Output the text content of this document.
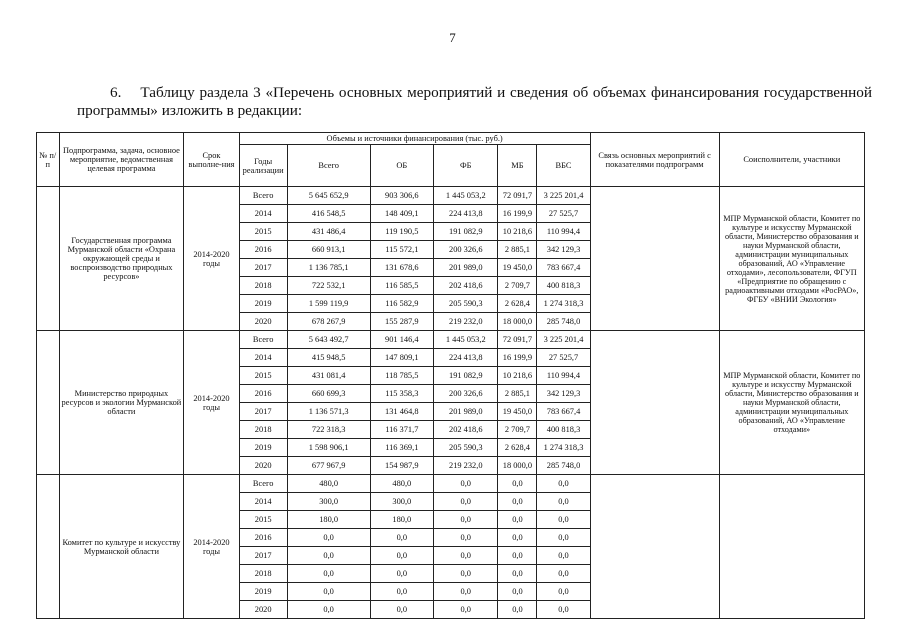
7
6.    Таблицу раздела 3 «Перечень основных мероприятий и сведения об объемах финансирования государственной
программы» изложить в редакции:
№ п/п	Подпрограмма, задача, основное мероприятие, ведомственная целевая программа	Срок выполне-ния	Объемы и источники финансирования (тыс. руб.)						Связь основных мероприятий с показателями подпрограмм	Соисполнители, участники
			Годы реализации	Всего	ОБ	ФБ	МБ	ВБС		
	Государственная программа Мурманской области «Охрана окружающей среды и воспроизводство природных ресурсов»	2014-2020 годы	Всего	5 645 652,9	903 306,6	1 445 053,2	72 091,7	3 225 201,4		МПР Мурманской области, Комитет по культуре и искусству Мурманской области, Министерство образования и науки Мурманской области, администрации муниципальных образований, АО «Управление отходами», лесопользователи, ФГУП «Предприятие по обращению с радиоактивными отходами «РосРАО», ФГБУ «ВНИИ Экология»
			2014	416 548,5	148 409,1	224 413,8	16 199,9	27 525,7		
			2015	431 486,4	119 190,5	191 082,9	10 218,6	110 994,4		
			2016	660 913,1	115 572,1	200 326,6	2 885,1	342 129,3		
			2017	1 136 785,1	131 678,6	201 989,0	19 450,0	783 667,4		
			2018	722 532,1	116 585,5	202 418,6	2 709,7	400 818,3		
			2019	1 599 119,9	116 582,9	205 590,3	2 628,4	1 274 318,3		
			2020	678 267,9	155 287,9	219 232,0	18 000,0	285 748,0		
	Министерство природных ресурсов и экологии Мурманской области	2014-2020 годы	Всего	5 643 492,7	901 146,4	1 445 053,2	72 091,7	3 225 201,4		МПР Мурманской области, Комитет по культуре и искусству Мурманской области, Министерство образования и науки Мурманской области, администрации муниципальных образований, АО «Управление отходами»
			2014	415 948,5	147 809,1	224 413,8	16 199,9	27 525,7		
			2015	431 081,4	118 785,5	191 082,9	10 218,6	110 994,4		
			2016	660 699,3	115 358,3	200 326,6	2 885,1	342 129,3		
			2017	1 136 571,3	131 464,8	201 989,0	19 450,0	783 667,4		
			2018	722 318,3	116 371,7	202 418,6	2 709,7	400 818,3		
			2019	1 598 906,1	116 369,1	205 590,3	2 628,4	1 274 318,3		
			2020	677 967,9	154 987,9	219 232,0	18 000,0	285 748,0		
	Комитет по культуре и искусству Мурманской области	2014-2020 годы	Всего	480,0	480,0	0,0	0,0	0,0		
			2014	300,0	300,0	0,0	0,0	0,0		
			2015	180,0	180,0	0,0	0,0	0,0		
			2016	0,0	0,0	0,0	0,0	0,0		
			2017	0,0	0,0	0,0	0,0	0,0		
			2018	0,0	0,0	0,0	0,0	0,0		
			2019	0,0	0,0	0,0	0,0	0,0		
			2020	0,0	0,0	0,0	0,0	0,0		
